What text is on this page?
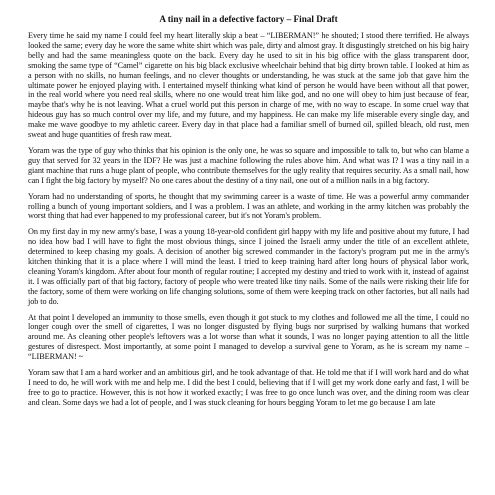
A tiny nail in a defective factory – Final Draft

Every time he said my name I could feel my heart literally skip a beat – “LIBERMAN!” he shouted; I stood there terrified. He always looked the same; every day he wore the same white shirt which was pale, dirty and almost gray. It disgustingly stretched on his big hairy belly and had the same meaningless quote on the back. Every day he used to sit in his big office with the glass transparent door, smoking the same type of “Camel” cigarette on his big black exclusive wheelchair behind that big dirty brown table. I looked at him as a person with no skills, no human feelings, and no clever thoughts or understanding, he was stuck at the same job that gave him the ultimate power he enjoyed playing with. I entertained myself thinking what kind of person he would have been without all that power, in the real world where you need real skills, where no one would treat him like god, and no one will obey to him just because of fear, maybe that's why he is not leaving. What a cruel world put this person in charge of me, with no way to escape. In some cruel way that hideous guy has so much control over my life, and my future, and my happiness. He can make my life miserable every single day, and make me wave goodbye to my athletic career. Every day in that place had a familiar smell of burned oil, spilled bleach, old rust, men sweat and huge quantities of fresh raw meat.

Yoram was the type of guy who thinks that his opinion is the only one, he was so square and impossible to talk to, but who can blame a guy that served for 32 years in the IDF? He was just a machine following the rules above him. And what was I? I was a tiny nail in a giant machine that runs a huge plant of people, who contribute themselves for the ugly reality that requires security. As a small nail, how can I fight the big factory by myself? No one cares about the destiny of a tiny nail, one out of a million nails in a big factory.

Yoram had no understanding of sports, he thought that my swimming career is a waste of time. He was a powerful army commander rolling a bunch of young important soldiers, and I was a problem. I was an athlete, and working in the army kitchen was probably the worst thing that had ever happened to my professional career, but it's not Yoram's problem.

On my first day in my new army's base, I was a young 18-year-old confident girl happy with my life and positive about my future, I had no idea how bad I will have to fight the most obvious things, since I joined the Israeli army under the title of an excellent athlete, determined to keep chasing my goals. A decision of another big screwed commander in the factory's program put me in the army's kitchen thinking that it is a place where I will mind the least. I tried to keep training hard after long hours of physical labor work, cleaning Yoram's kingdom. After about four month of regular routine; I accepted my destiny and tried to work with it, instead of against it. I was officially part of that big factory, factory of people who were treated like tiny nails. Some of the nails were risking their life for the factory, some of them were working on life changing solutions, some of them were keeping track on other factories, but all nails had job to do.

At that point I developed an immunity to those smells, even though it got stuck to my clothes and followed me all the time, I could no longer cough over the smell of cigarettes, I was no longer disgusted by flying bugs nor surprised by walking humans that worked around me. As cleaning other people's leftovers was a lot worse than what it sounds, I was no longer paying attention to all the little gestures of disrespect. Most importantly, at some point I managed to develop a survival gene to Yoram, as he is scream my name – “LIBERMAN! ~

Yoram saw that I am a hard worker and an ambitious girl, and he took advantage of that. He told me that if I will work hard and do what I need to do, he will work with me and help me. I did the best I could, believing that if I will get my work done early and fast, I will be free to go to practice. However, this is not how it worked exactly; I was free to go once lunch was over, and the dining room was clear and clean. Some days we had a lot of people, and I was stuck cleaning for hours begging Yoram to let me go because I am late
